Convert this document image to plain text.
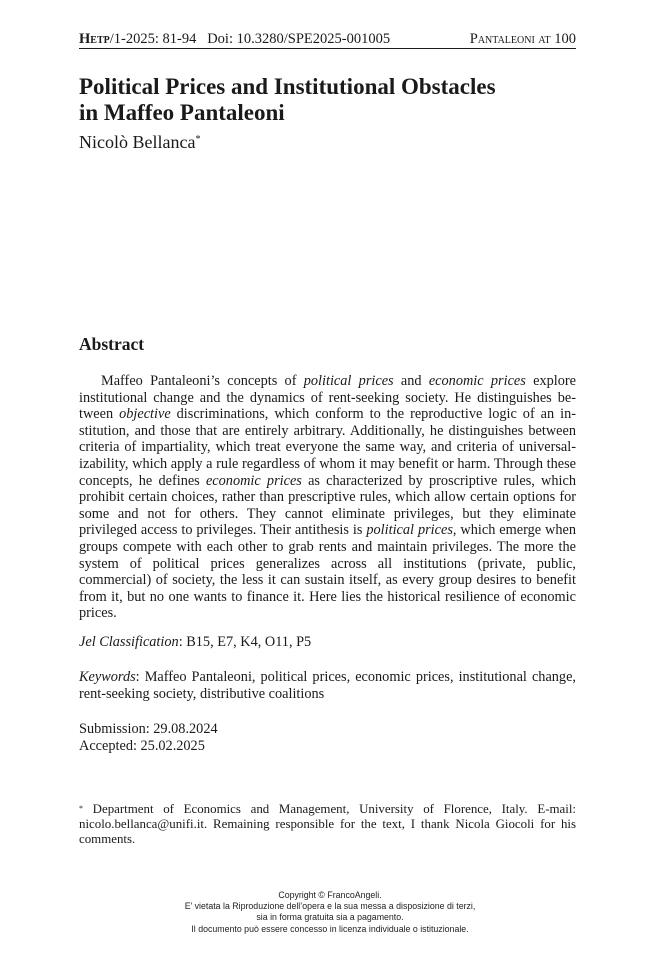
Hetp/1-2025: 81-94 Doi: 10.3280/SPE2025-001005	Pantaleoni at 100
Political Prices and Institutional Obstacles
in Maffeo Pantaleoni
Nicolò Bellanca*
Abstract

Maffeo Pantaleoni’s concepts of political prices and economic prices explore institutional change and the dynamics of rent-seeking society. He distinguishes between objective discriminations, which conform to the reproductive logic of an institution, and those that are entirely arbitrary. Additionally, he distinguishes between criteria of impartiality, which treat everyone the same way, and criteria of universalizability, which apply a rule regardless of whom it may benefit or harm. Through these concepts, he defines economic prices as characterized by proscriptive rules, which prohibit certain choices, rather than prescriptive rules, which allow certain options for some and not for others. They cannot eliminate privileges, but they eliminate privileged access to privileges. Their antithesis is political prices, which emerge when groups compete with each other to grab rents and maintain privileges. The more the system of political prices generalizes across all institutions (private, public, commercial) of society, the less it can sustain itself, as every group desires to benefit from it, but no one wants to finance it. Here lies the historical resilience of economic prices.

Jel Classification: B15, E7, K4, O11, P5

Keywords: Maffeo Pantaleoni, political prices, economic prices, institutional change, rent-seeking society, distributive coalitions

Submission: 29.08.2024
Accepted: 25.02.2025

* Department of Economics and Management, University of Florence, Italy. E-mail: nicolo.bellanca@unifi.it. Remaining responsible for the text, I thank Nicola Giocoli for his comments.

Copyright © FrancoAngeli.
E’ vietata la Riproduzione dell’opera e la sua messa a disposizione di terzi,
sia in forma gratuita sia a pagamento.
Il documento può essere concesso in licenza individuale o istituzionale.
